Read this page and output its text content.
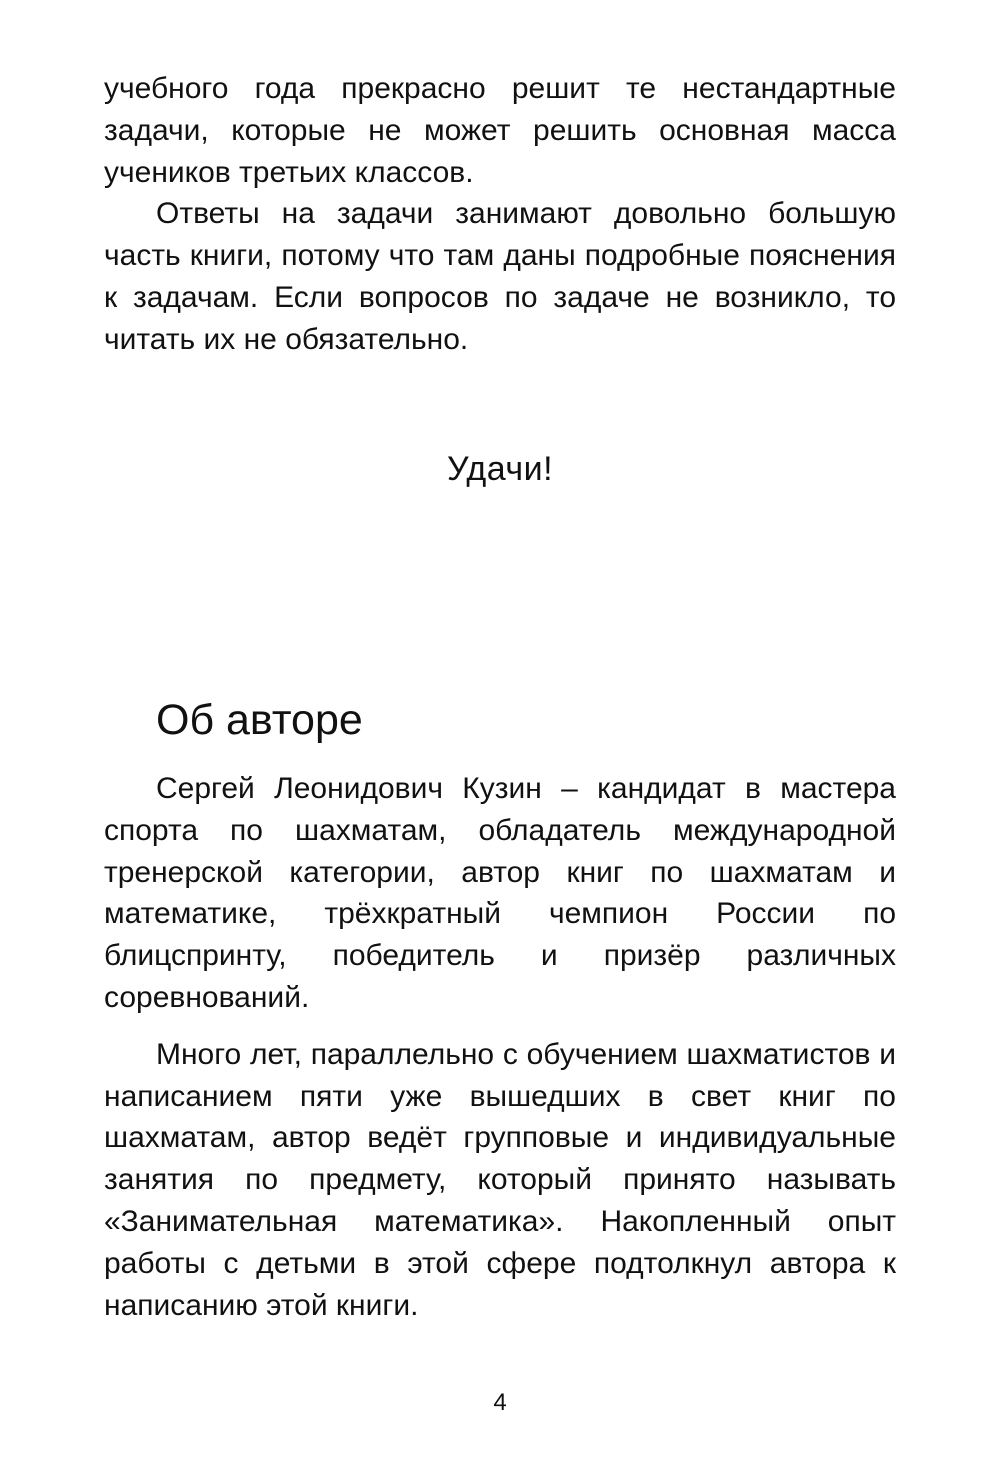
учебного года прекрасно решит те нестандартные задачи, которые не может решить основная масса учеников третьих классов.

Ответы на задачи занимают довольно большую часть книги, потому что там даны подробные пояснения к задачам. Если вопросов по задаче не возникло, то читать их не обязательно.

Удачи!

Об авторе

Сергей Леонидович Кузин – кандидат в мастера спорта по шахматам, обладатель международной тренерской категории, автор книг по шахматам и математике, трёхкратный чемпион России по блицспринту, победитель и призёр различных соревнований.

Много лет, параллельно с обучением шахматистов и написанием пяти уже вышедших в свет книг по шахматам, автор ведёт групповые и индивидуальные занятия по предмету, который принято называть «Занимательная математика». Накопленный опыт работы с детьми в этой сфере подтолкнул автора к написанию этой книги.

4
